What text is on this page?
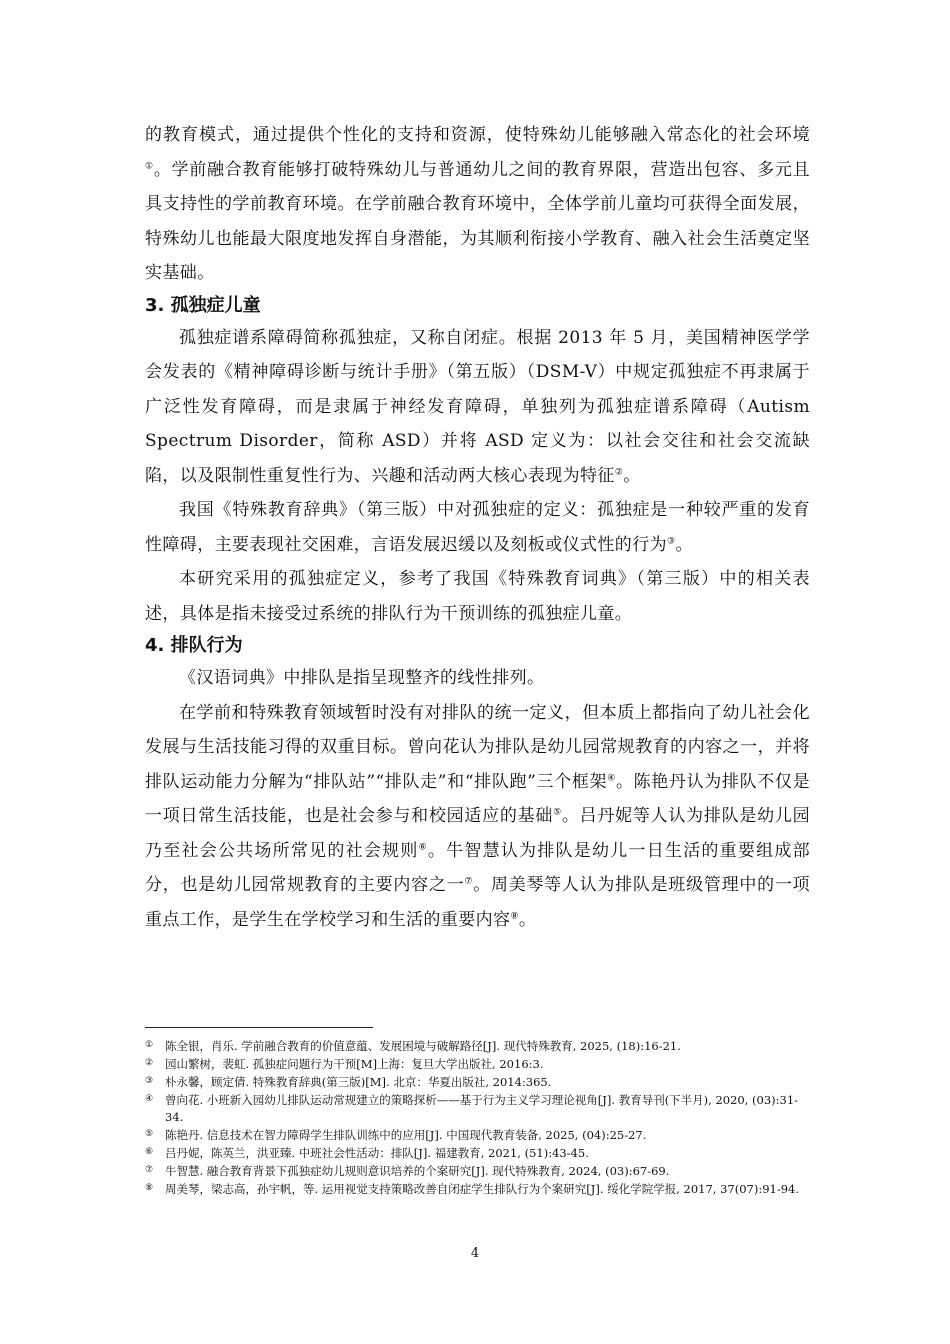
的教育模式，通过提供个性化的支持和资源，使特殊幼儿能够融入常态化的社会环境①。学前融合教育能够打破特殊幼儿与普通幼儿之间的教育界限，营造出包容、多元且具支持性的学前教育环境。在学前融合教育环境中，全体学前儿童均可获得全面发展，特殊幼儿也能最大限度地发挥自身潜能，为其顺利衔接小学教育、融入社会生活奠定坚实基础。

3. 孤独症儿童

孤独症谱系障碍简称孤独症，又称自闭症。根据 2013 年 5 月，美国精神医学学会发表的《精神障碍诊断与统计手册》（第五版）（DSM-V）中规定孤独症不再隶属于广泛性发育障碍，而是隶属于神经发育障碍，单独列为孤独症谱系障碍（Autism Spectrum Disorder，简称 ASD）并将 ASD 定义为：以社会交往和社会交流缺陷，以及限制性重复性行为、兴趣和活动两大核心表现为特征②。

我国《特殊教育辞典》（第三版）中对孤独症的定义：孤独症是一种较严重的发育性障碍，主要表现社交困难，言语发展迟缓以及刻板或仪式性的行为③。

本研究采用的孤独症定义，参考了我国《特殊教育词典》（第三版）中的相关表述，具体是指未接受过系统的排队行为干预训练的孤独症儿童。

4. 排队行为

《汉语词典》中排队是指呈现整齐的线性排列。

在学前和特殊教育领域暂时没有对排队的统一定义，但本质上都指向了幼儿社会化发展与生活技能习得的双重目标。曾向花认为排队是幼儿园常规教育的内容之一，并将排队运动能力分解为“排队站”“排队走”和“排队跑”三个框架④。陈艳丹认为排队不仅是一项日常生活技能，也是社会参与和校园适应的基础⑤。吕丹妮等人认为排队是幼儿园乃至社会公共场所常见的社会规则⑥。牛智慧认为排队是幼儿一日生活的重要组成部分，也是幼儿园常规教育的主要内容之一⑦。周美琴等人认为排队是班级管理中的一项重点工作，是学生在学校学习和生活的重要内容⑧。

①	陈全银，肖乐. 学前融合教育的价值意蕴、发展困境与破解路径[J]. 现代特殊教育, 2025, (18):16-21.
②	园山繁树，裴虹. 孤独症问题行为干预[M]上海：复旦大学出版社, 2016:3.
③	朴永馨，顾定倩. 特殊教育辞典(第三版)[M]. 北京：华夏出版社, 2014:365.
④	曾向花. 小班新入园幼儿排队运动常规建立的策略探析——基于行为主义学习理论视角[J]. 教育导刊(下半月), 2020, (03):31-34.
⑤	陈艳丹. 信息技术在智力障碍学生排队训练中的应用[J]. 中国现代教育装备, 2025, (04):25-27.
⑥	吕丹妮，陈英兰，洪亚臻. 中班社会性活动：排队[J]. 福建教育, 2021, (51):43-45.
⑦	牛智慧. 融合教育背景下孤独症幼儿规则意识培养的个案研究[J]. 现代特殊教育, 2024, (03):67-69.
⑧	周美琴，梁志高，孙宇帆，等. 运用视觉支持策略改善自闭症学生排队行为个案研究[J]. 绥化学院学报, 2017, 37(07):91-94.
4
